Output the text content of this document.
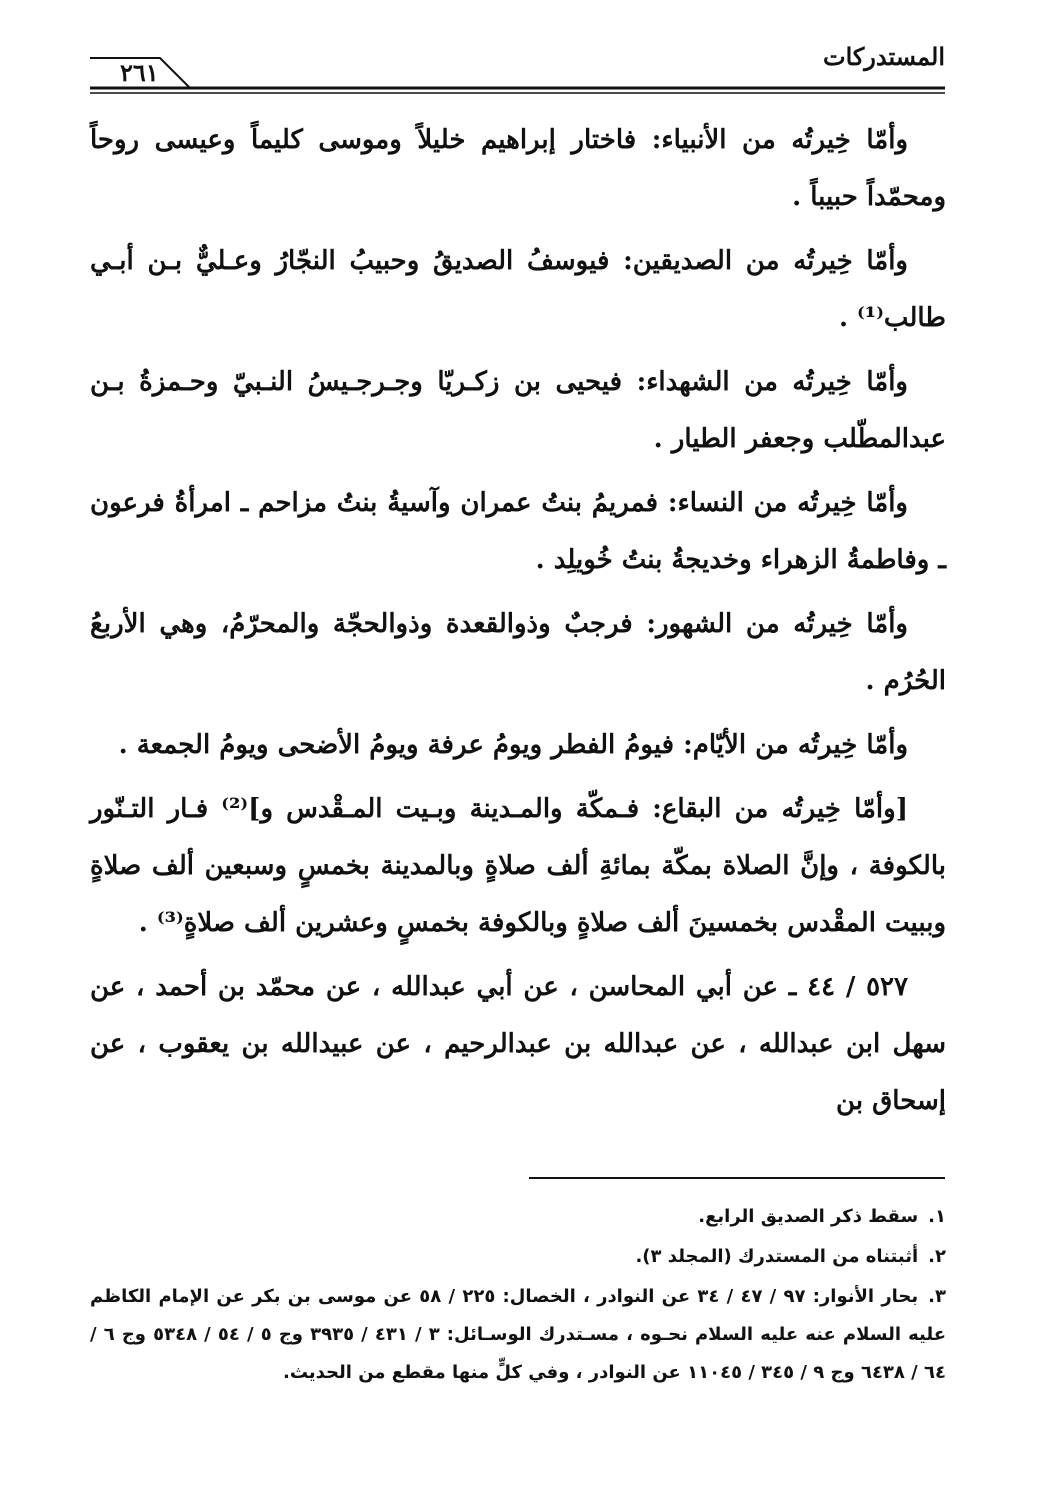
المستدركات
٢٦١

وأمّا خِيرتُه من الأنبياء: فاختار إبراهيم خليلاً وموسى كليماً وعيسى روحاً ومحمّداً حبيباً .

وأمّا خِيرتُه من الصديقين: فيوسفُ الصديقُ وحبيبُ النجّارُ وعـليٌّ بـن أبـي طالب⁽¹⁾ .

وأمّا خِيرتُه من الشهداء: فيحيى بن زكـريّا وجـرجـيسُ النـبيّ وحـمزةُ بـن عبدالمطّلب وجعفر الطيار .

وأمّا خِيرتُه من النساء: فمريمُ بنتُ عمران وآسيةُ بنتُ مزاحم ـ امرأةُ فرعون ـ وفاطمةُ الزهراء وخديجةُ بنتُ خُويلِد .

وأمّا خِيرتُه من الشهور: فرجبٌ وذوالقعدة وذوالحجّة والمحرّمُ، وهي الأربعُ الحُرُم .

وأمّا خِيرتُه من الأيّام: فيومُ الفطر ويومُ عرفة ويومُ الأضحى ويومُ الجمعة .

[وأمّا خِيرتُه من البقاع: فـمكّة والمـدينة وبـيت المـقْدس و]⁽²⁾ فـار التـنّور بالكوفة ، وإنَّ الصلاة بمكّة بمائةِ ألف صلاةٍ وبالمدينة بخمسٍ وسبعين ألف صلاةٍ وببيت المقْدس بخمسينَ ألف صلاةٍ وبالكوفة بخمسٍ وعشرين ألف صلاةٍ⁽³⁾ .

٥٢٧ / ٤٤ ـ عن أبي المحاسن ، عن أبي عبدالله ، عن محمّد بن أحمد ، عن سهل ابن عبدالله ، عن عبدالله بن عبدالرحيم ، عن عبيدالله بن يعقوب ، عن إسحاق بن

١.سقط ذكر الصديق الرابع.
٢.أثبتناه من المستدرك (المجلد ٣).
٣.بحار الأنوار: ٩٧ / ٤٧ / ٣٤ عن النوادر ، الخصال: ٢٢٥ / ٥٨ عن موسى بن بكر عن الإمام الكاظم عليه السلام عنه عليه السلام نحـوه ، مسـتدرك الوسـائل: ٣ / ٤٣١ / ٣٩٣٥ وج ٥ / ٥٤ / ٥٣٤٨ وج ٦ / ٦٤ / ٦٤٣٨ وج ٩ / ٣٤٥ / ١١٠٤٥ عن النوادر ، وفي كلٍّ منها مقطع من الحديث.
